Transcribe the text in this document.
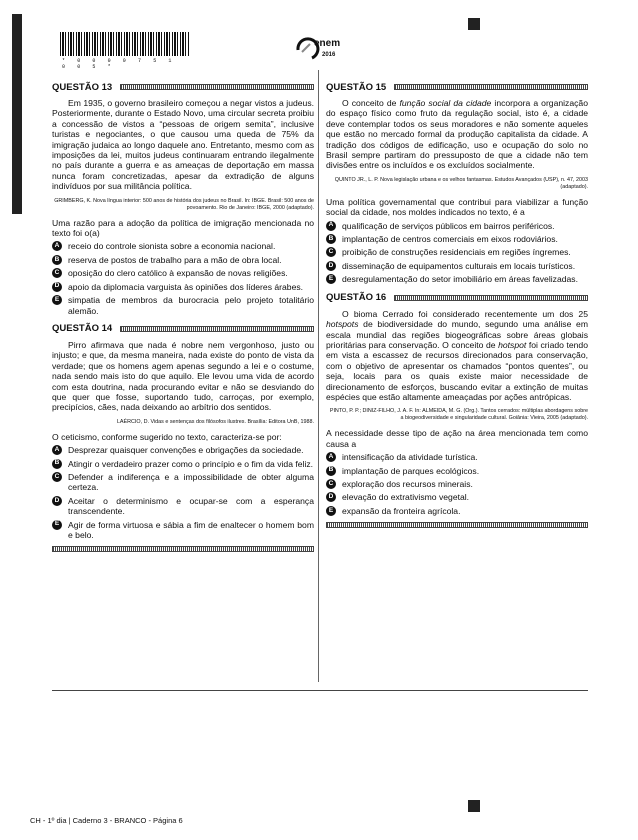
* 0 0 0 0 7 5 1 0 0 5 *
enem
2016
QUESTÃO 13

Em 1935, o governo brasileiro começou a negar vistos a judeus. Posteriormente, durante o Estado Novo, uma circular secreta proibiu a concessão de vistos a “pessoas de origem semita”, inclusive turistas e negociantes, o que causou uma queda de 75% da imigração judaica ao longo daquele ano. Entretanto, mesmo com as imposições da lei, muitos judeus continuaram entrando ilegalmente no país durante a guerra e as ameaças de deportação em massa nunca foram concretizadas, apesar da extradição de alguns indivíduos por sua militância política.

GRIMBERG, K. Nova língua interior: 500 anos de história dos judeus no Brasil. In: IBGE. Brasil: 500 anos de povoamento. Rio de Janeiro: IBGE, 2000 (adaptado).

Uma razão para a adoção da política de imigração mencionada no texto foi o(a)

A	receio do controle sionista sobre a economia nacional.
B	reserva de postos de trabalho para a mão de obra local.
C	oposição do clero católico à expansão de novas religiões.
D	apoio da diplomacia varguista às opiniões dos líderes árabes.
E	simpatia de membros da burocracia pelo projeto totalitário alemão.
QUESTÃO 14

Pirro afirmava que nada é nobre nem vergonhoso, justo ou injusto; e que, da mesma maneira, nada existe do ponto de vista da verdade; que os homens agem apenas segundo a lei e o costume, nada sendo mais isto do que aquilo. Ele levou uma vida de acordo com esta doutrina, nada procurando evitar e não se desviando do que quer que fosse, suportando tudo, carroças, por exemplo, precipícios, cães, nada deixando ao arbítrio dos sentidos.

LAÉRCIO, D. Vidas e sentenças dos filósofos ilustres. Brasília: Editora UnB, 1988.

O ceticismo, conforme sugerido no texto, caracteriza-se por:

A	Desprezar quaisquer convenções e obrigações da sociedade.
B	Atingir o verdadeiro prazer como o princípio e o fim da vida feliz.
C	Defender a indiferença e a impossibilidade de obter alguma certeza.
D	Aceitar o determinismo e ocupar-se com a esperança transcendente.
E	Agir de forma virtuosa e sábia a fim de enaltecer o homem bom e belo.
QUESTÃO 15

O conceito de função social da cidade incorpora a organização do espaço físico como fruto da regulação social, isto é, a cidade deve contemplar todos os seus moradores e não somente aqueles que estão no mercado formal da produção capitalista da cidade. A tradição dos códigos de edificação, uso e ocupação do solo no Brasil sempre partiram do pressuposto de que a cidade não tem divisões entre os incluídos e os excluídos socialmente.

QUINTO JR., L. P. Nova legislação urbana e os velhos fantasmas. Estudos Avançados (USP), n. 47, 2003 (adaptado).

Uma política governamental que contribui para viabilizar a função social da cidade, nos moldes indicados no texto, é a

A	qualificação de serviços públicos em bairros periféricos.
B	implantação de centros comerciais em eixos rodoviários.
C	proibição de construções residenciais em regiões íngremes.
D	disseminação de equipamentos culturais em locais turísticos.
E	desregulamentação do setor imobiliário em áreas favelizadas.
QUESTÃO 16

O bioma Cerrado foi considerado recentemente um dos 25 hotspots de biodiversidade do mundo, segundo uma análise em escala mundial das regiões biogeográficas sobre áreas globais prioritárias para conservação. O conceito de hotspot foi criado tendo em vista a escassez de recursos direcionados para conservação, com o objetivo de apresentar os chamados “pontos quentes”, ou seja, locais para os quais existe maior necessidade de direcionamento de esforços, buscando evitar a extinção de muitas espécies que estão altamente ameaçadas por ações antrópicas.

PINTO, P. P.; DINIZ-FILHO, J. A. F. In: ALMEIDA, M. G. (Org.). Tantos cerrados: múltiplas abordagens sobre a biogeodiversidade e singularidade cultural. Goiânia: Vieira, 2005 (adaptado).

A necessidade desse tipo de ação na área mencionada tem como causa a

A	intensificação da atividade turística.
B	implantação de parques ecológicos.
C	exploração dos recursos minerais.
D	elevação do extrativismo vegetal.
E	expansão da fronteira agrícola.
CH - 1º dia | Caderno 3 - BRANCO - Página 6
